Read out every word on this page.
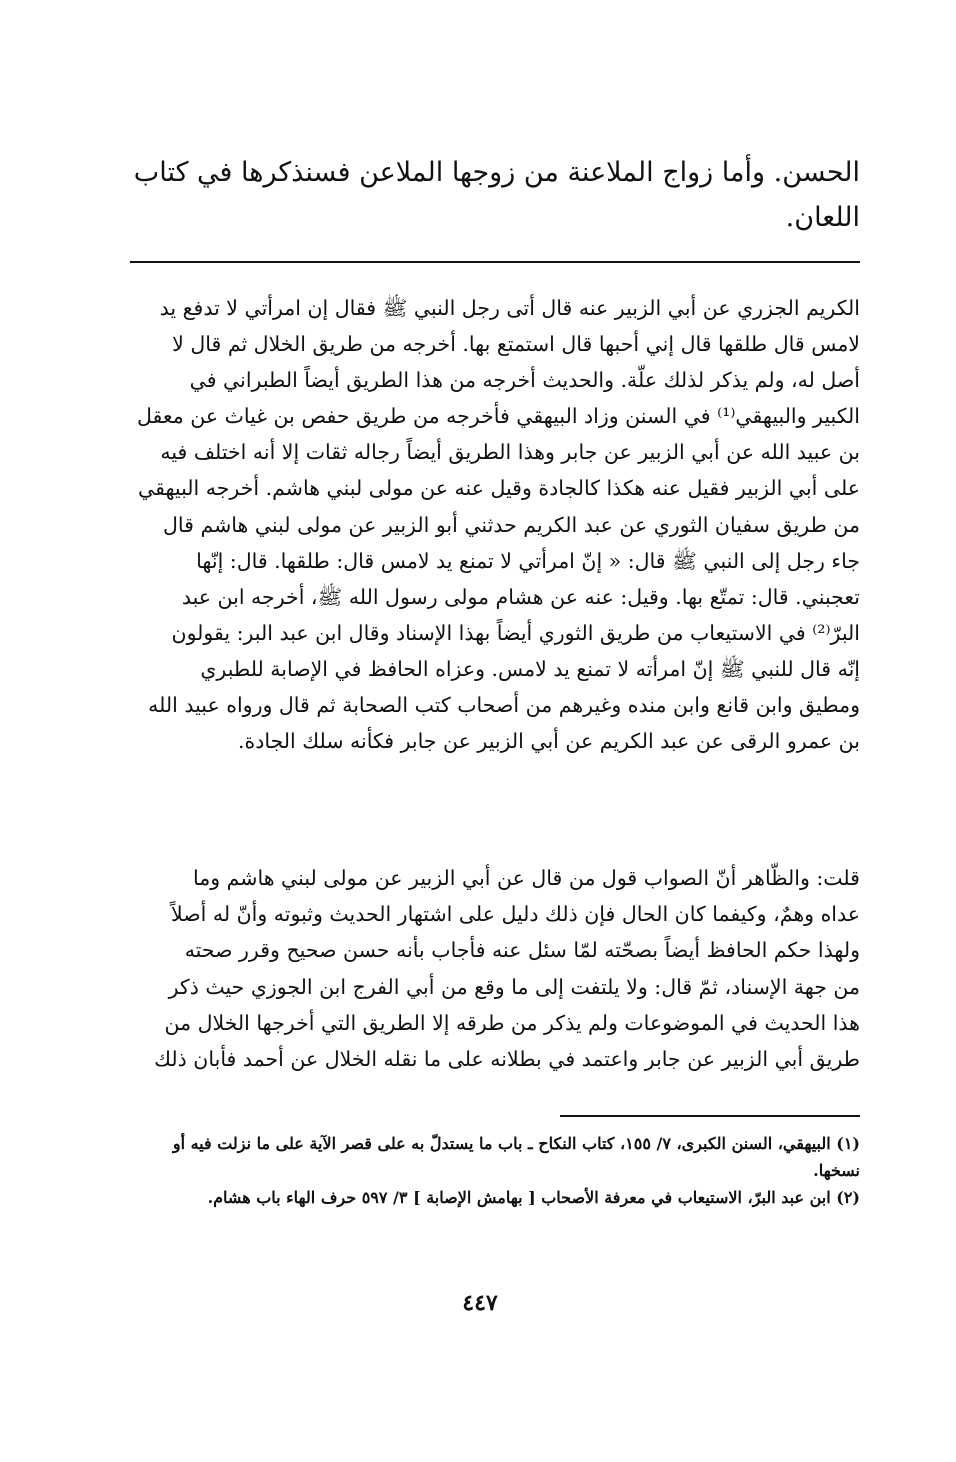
الحسن. وأما زواج الملاعنة من زوجها الملاعن فسنذكرها في كتاب
اللعان.
الكريم الجزري عن أبي الزبير عنه قال أتى رجل النبي ﷺ فقال إن امرأتي لا تدفع يد
لامس قال طلقها قال إني أحبها قال استمتع بها. أخرجه من طريق الخلال ثم قال لا
أصل له، ولم يذكر لذلك علّة. والحديث أخرجه من هذا الطريق أيضاً الطبراني في
الكبير والبيهقي⁽¹⁾ في السنن وزاد البيهقي فأخرجه من طريق حفص بن غياث عن معقل
بن عبيد الله عن أبي الزبير عن جابر وهذا الطريق أيضاً رجاله ثقات إلا أنه اختلف فيه
على أبي الزبير فقيل عنه هكذا كالجادة وقيل عنه عن مولى لبني هاشم. أخرجه البيهقي
من طريق سفيان الثوري عن عبد الكريم حدثني أبو الزبير عن مولى لبني هاشم قال
جاء رجل إلى النبي ﷺ قال: « إنّ امرأتي لا تمنع يد لامس قال: طلقها. قال: إنّها
تعجبني. قال: تمتّع بها. وقيل: عنه عن هشام مولى رسول الله ﷺ، أخرجه ابن عبد
البرّ⁽²⁾ في الاستيعاب من طريق الثوري أيضاً بهذا الإسناد وقال ابن عبد البر: يقولون
إنّه قال للنبي ﷺ إنّ امرأته لا تمنع يد لامس. وعزاه الحافظ في الإصابة للطبري
ومطيق وابن قانع وابن منده وغيرهم من أصحاب كتب الصحابة ثم قال ورواه عبيد الله
بن عمرو الرقى عن عبد الكريم عن أبي الزبير عن جابر فكأنه سلك الجادة.
قلت: والظّاهر أنّ الصواب قول من قال عن أبي الزبير عن مولى لبني هاشم وما
عداه وهمٌ، وكيفما كان الحال فإن ذلك دليل على اشتهار الحديث وثبوته وأنّ له أصلاً
ولهذا حكم الحافظ أيضاً بصحّته لمّا سئل عنه فأجاب بأنه حسن صحيح وقرر صحته
من جهة الإسناد، ثمّ قال: ولا يلتفت إلى ما وقع من أبي الفرج ابن الجوزي حيث ذكر
هذا الحديث في الموضوعات ولم يذكر من طرقه إلا الطريق التي أخرجها الخلال من
طريق أبي الزبير عن جابر واعتمد في بطلانه على ما نقله الخلال عن أحمد فأبان ذلك
(١) البيهقي، السنن الكبرى، ٧/ ١٥٥، كتاب النكاح ـ باب ما يستدلّ به على قصر الآية على ما نزلت فيه أو
نسخها.
(٢) ابن عبد البرّ، الاستيعاب في معرفة الأصحاب [ بهامش الإصابة ] ٣/ ٥٩٧ حرف الهاء باب هشام.
٤٤٧
